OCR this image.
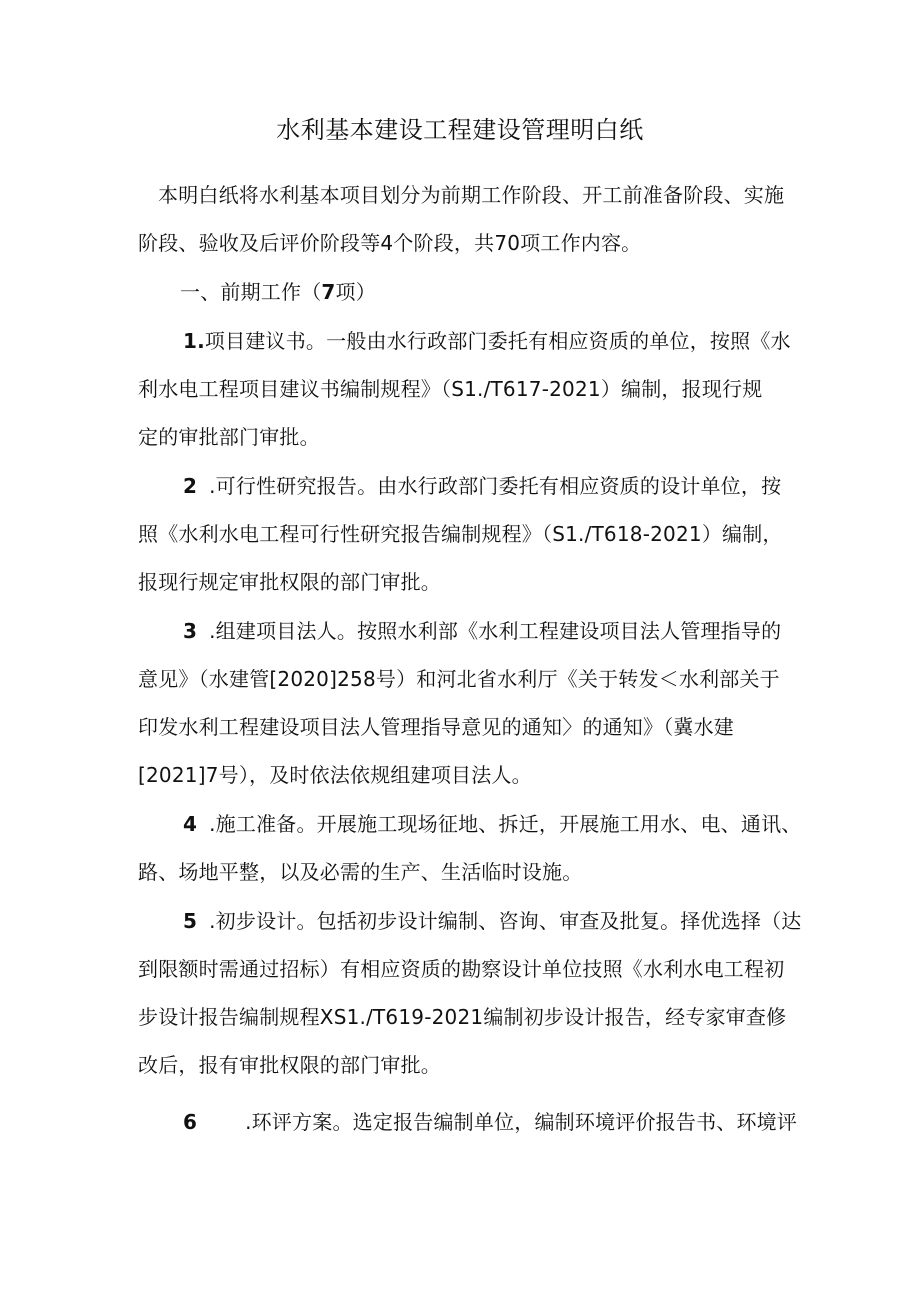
水利基本建设工程建设管理明白纸
本明白纸将水利基本项目划分为前期工作阶段、开工前准备阶段、实施
阶段、验收及后评价阶段等4个阶段，共70项工作内容。
一、前期工作（7项）
1.项目建议书。一般由水行政部门委托有相应资质的单位，按照《水
利水电工程项目建议书编制规程》（S1./T617-2021）编制，报现行规
定的审批部门审批。
2 .可行性研究报告。由水行政部门委托有相应资质的设计单位，按
照《水利水电工程可行性研究报告编制规程》（S1./T618-2021）编制，
报现行规定审批权限的部门审批。
3 .组建项目法人。按照水利部《水利工程建设项目法人管理指导的
意见》（水建管[2020]258号）和河北省水利厅《关于转发＜水利部关于
印发水利工程建设项目法人管理指导意见的通知〉的通知》（冀水建
[2021]7号），及时依法依规组建项目法人。
4 .施工准备。开展施工现场征地、拆迁，开展施工用水、电、通讯、
路、场地平整，以及必需的生产、生活临时设施。
5 .初步设计。包括初步设计编制、咨询、审查及批复。择优选择（达
到限额时需通过招标）有相应资质的勘察设计单位技照《水利水电工程初
步设计报告编制规程XS1./T619-2021编制初步设计报告，经专家审查修
改后，报有审批权限的部门审批。
6 .环评方案。选定报告编制单位，编制环境评价报告书、环境评
